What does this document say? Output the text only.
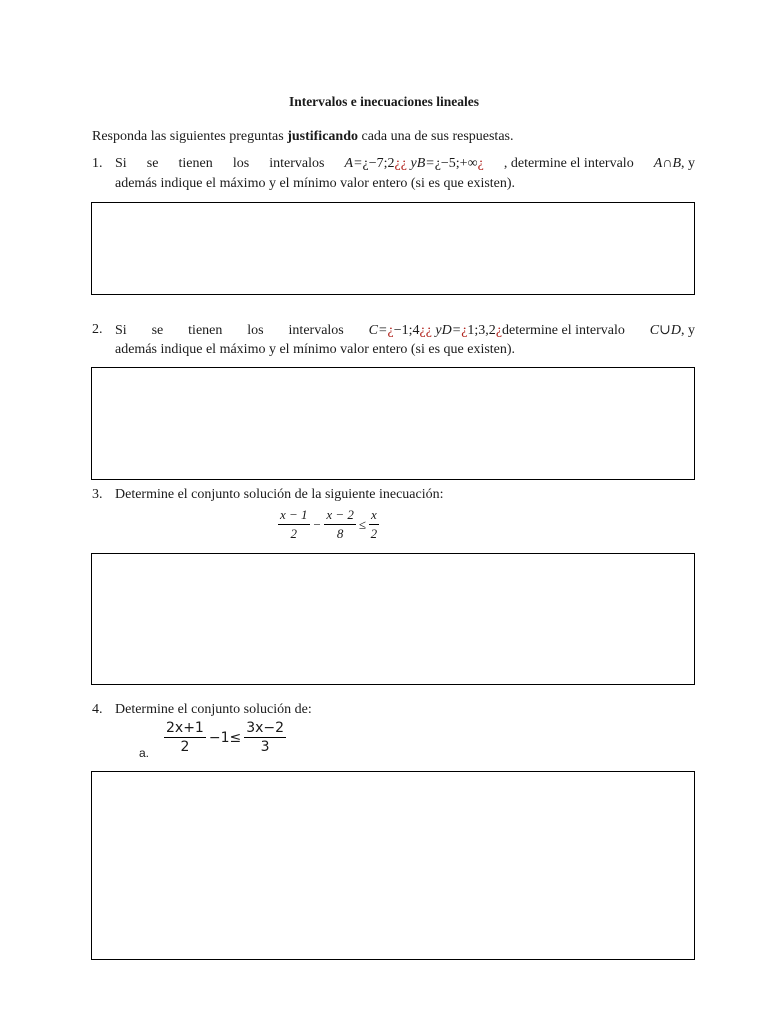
Intervalos e inecuaciones lineales
Responda las siguientes preguntas justificando cada una de sus respuestas.
1. Si se tienen los intervalos A=¿−7;2¿¿ yB=¿−5;+∞¿ , determine el intervalo A∩B, y
además indique el máximo y el mínimo valor entero (si es que existen).
2. Si se tienen los intervalos C=¿−1;4¿¿ yD=¿1;3,2¿determine el intervalo C∪D, y
además indique el máximo y el mínimo valor entero (si es que existen).
3. Determine el conjunto solución de la siguiente inecuación:
$\frac{x - 1}{2} - \frac{x - 2}{8} \le \frac{x}{2}$
4. Determine el conjunto solución de:
$\frac{2x+1}{2} -1\le \frac{3x-2}{3}$
a.
